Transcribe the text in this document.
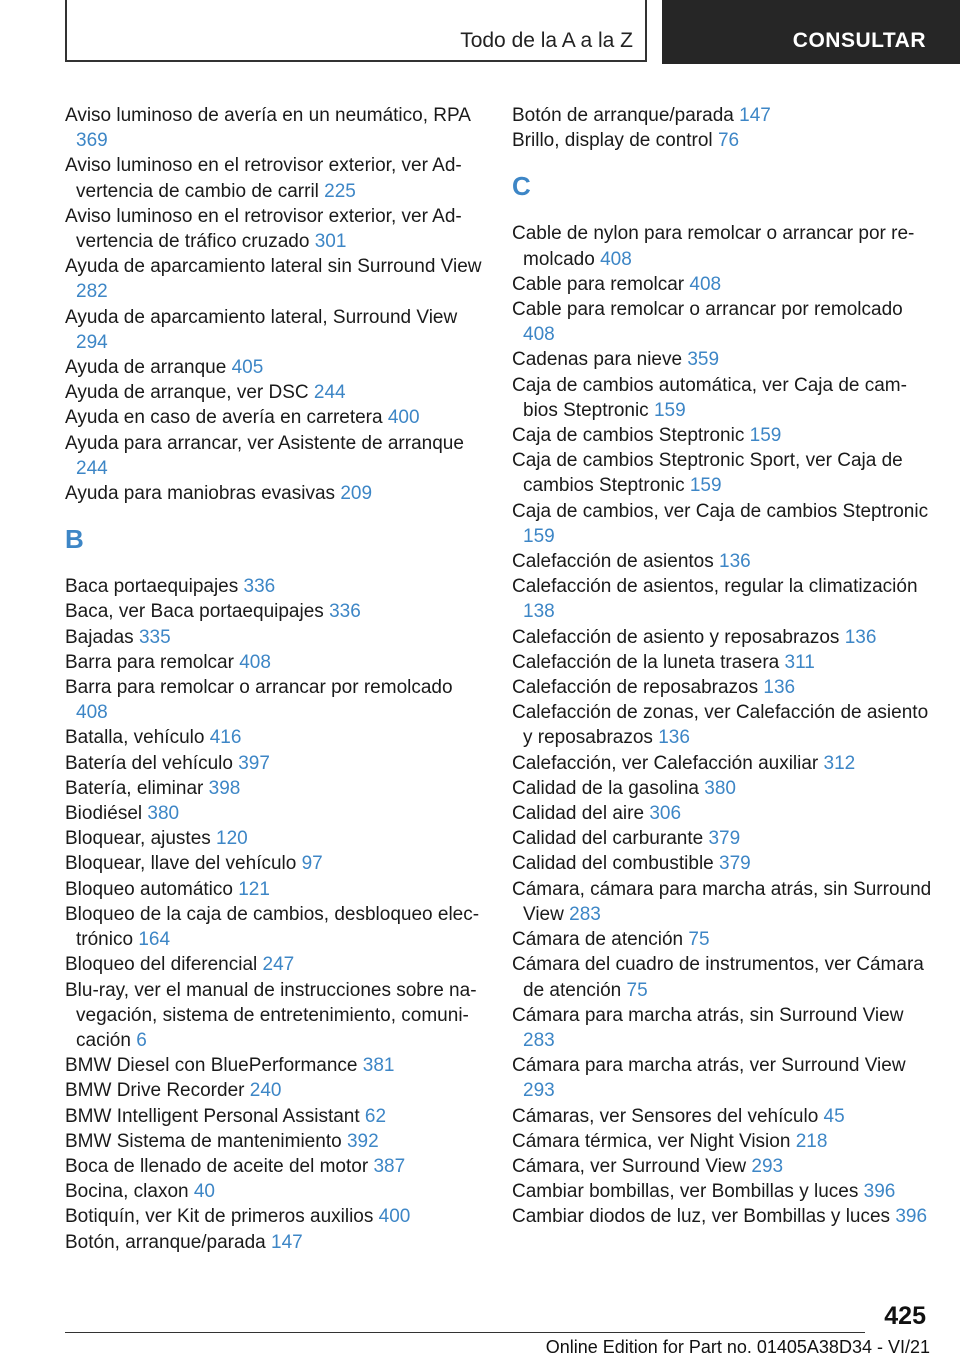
Todo de la A a la Z	CONSULTAR
Aviso luminoso de avería en un neumático, RPA 369
Aviso luminoso en el retrovisor exterior, ver Advertencia de cambio de carril 225
Aviso luminoso en el retrovisor exterior, ver Advertencia de tráfico cruzado 301
Ayuda de aparcamiento lateral sin Surround View 282
Ayuda de aparcamiento lateral, Surround View 294
Ayuda de arranque 405
Ayuda de arranque, ver DSC 244
Ayuda en caso de avería en carretera 400
Ayuda para arrancar, ver Asistente de arranque 244
Ayuda para maniobras evasivas 209
B
Baca portaequipajes 336
Baca, ver Baca portaequipajes 336
Bajadas 335
Barra para remolcar 408
Barra para remolcar o arrancar por remolcado 408
Batalla, vehículo 416
Batería del vehículo 397
Batería, eliminar 398
Biodiésel 380
Bloquear, ajustes 120
Bloquear, llave del vehículo 97
Bloqueo automático 121
Bloqueo de la caja de cambios, desbloqueo electrónico 164
Bloqueo del diferencial 247
Blu-ray, ver el manual de instrucciones sobre navegación, sistema de entretenimiento, comunicación 6
BMW Diesel con BluePerformance 381
BMW Drive Recorder 240
BMW Intelligent Personal Assistant 62
BMW Sistema de mantenimiento 392
Boca de llenado de aceite del motor 387
Bocina, claxon 40
Botiquín, ver Kit de primeros auxilios 400
Botón, arranque/parada 147
Botón de arranque/parada 147
Brillo, display de control 76
C
Cable de nylon para remolcar o arrancar por remolcado 408
Cable para remolcar 408
Cable para remolcar o arrancar por remolcado 408
Cadenas para nieve 359
Caja de cambios automática, ver Caja de cambios Steptronic 159
Caja de cambios Steptronic 159
Caja de cambios Steptronic Sport, ver Caja de cambios Steptronic 159
Caja de cambios, ver Caja de cambios Steptronic 159
Calefacción de asientos 136
Calefacción de asientos, regular la climatización 138
Calefacción de asiento y reposabrazos 136
Calefacción de la luneta trasera 311
Calefacción de reposabrazos 136
Calefacción de zonas, ver Calefacción de asiento y reposabrazos 136
Calefacción, ver Calefacción auxiliar 312
Calidad de la gasolina 380
Calidad del aire 306
Calidad del carburante 379
Calidad del combustible 379
Cámara, cámara para marcha atrás, sin Surround View 283
Cámara de atención 75
Cámara del cuadro de instrumentos, ver Cámara de atención 75
Cámara para marcha atrás, sin Surround View 283
Cámara para marcha atrás, ver Surround View 293
Cámaras, ver Sensores del vehículo 45
Cámara térmica, ver Night Vision 218
Cámara, ver Surround View 293
Cambiar bombillas, ver Bombillas y luces 396
Cambiar diodos de luz, ver Bombillas y luces 396
425
Online Edition for Part no. 01405A38D34 - VI/21
